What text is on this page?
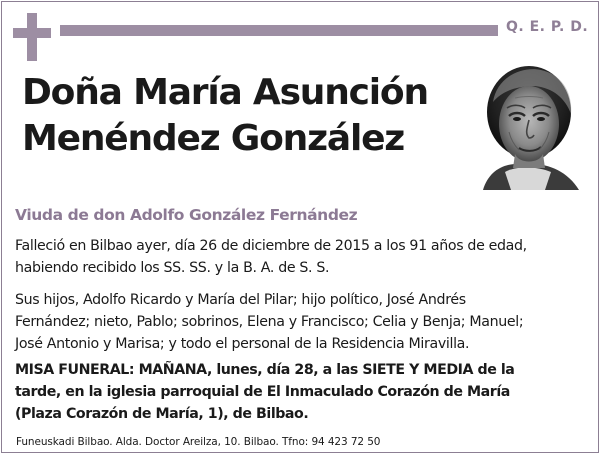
Q. E. P. D.
Doña María Asunción
Menéndez González
Viuda de don Adolfo González Fernández
Falleció en Bilbao ayer, día 26 de diciembre de 2015 a los 91 años de edad,
habiendo recibido los SS. SS. y la B. A. de S. S.
Sus hijos, Adolfo Ricardo y María del Pilar; hijo político, José Andrés
Fernández; nieto, Pablo; sobrinos, Elena y Francisco; Celia y Benja; Manuel;
José Antonio y Marisa; y todo el personal de la Residencia Miravilla.
MISA FUNERAL: MAÑANA, lunes, día 28, a las SIETE Y MEDIA de la
tarde, en la iglesia parroquial de El Inmaculado Corazón de María
(Plaza Corazón de María, 1), de Bilbao.
Funeuskadi Bilbao. Alda. Doctor Areilza, 10. Bilbao. Tfno: 94 423 72 50
